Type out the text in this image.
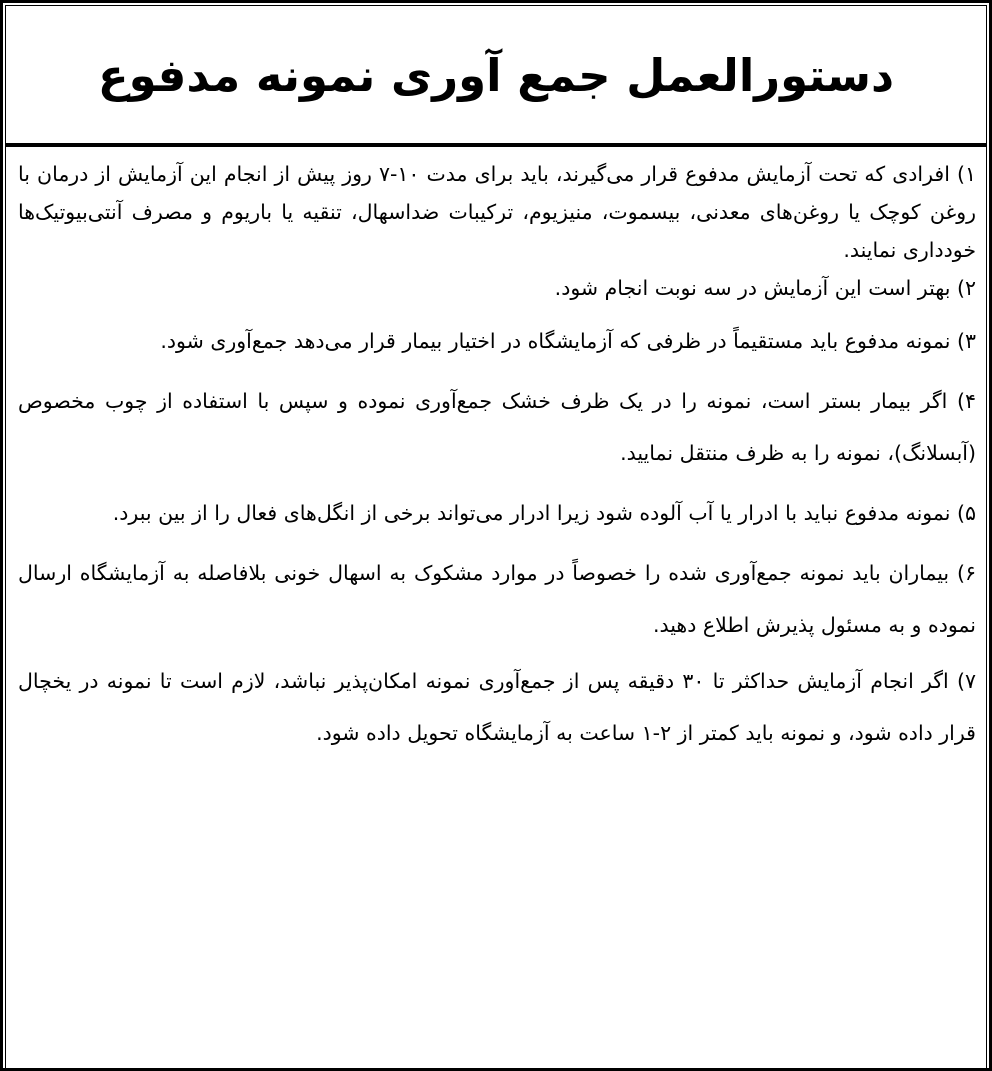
دستورالعمل جمع آوری نمونه مدفوع

۱) افرادی که تحت آزمایش مدفوع قرار می‌گیرند، باید برای مدت ۱۰-۷ روز پیش از انجام این آزمایش از درمان با روغن کوچک یا روغن‌های معدنی، بیسموت، منیزیوم، ترکیبات ضداسهال، تنقیه یا باریوم و مصرف آنتی‌بیوتیک‌ها خودداری نمایند.

۲) بهتر است این آزمایش در سه نوبت انجام شود.

۳) نمونه مدفوع باید مستقیماً در ظرفی که آزمایشگاه در اختیار بیمار قرار می‌دهد جمع‌آوری شود.

۴) اگر بیمار بستر است، نمونه را در یک ظرف خشک جمع‌آوری نموده و سپس با استفاده از چوب مخصوص (آبسلانگ)، نمونه را به ظرف منتقل نمایید.

۵) نمونه مدفوع نباید با ادرار یا آب آلوده شود زیرا ادرار می‌تواند برخی از انگل‌های فعال را از بین ببرد.

۶) بیماران باید نمونه جمع‌آوری شده را خصوصاً در موارد مشکوک به اسهال خونی بلافاصله به آزمایشگاه ارسال نموده و به مسئول پذیرش اطلاع دهید.

۷) اگر انجام آزمایش حداکثر تا ۳۰ دقیقه پس از جمع‌آوری نمونه امکان‌پذیر نباشد، لازم است تا نمونه در یخچال قرار داده شود، و نمونه باید کمتر از ۲-۱ ساعت به آزمایشگاه تحویل داده شود.
